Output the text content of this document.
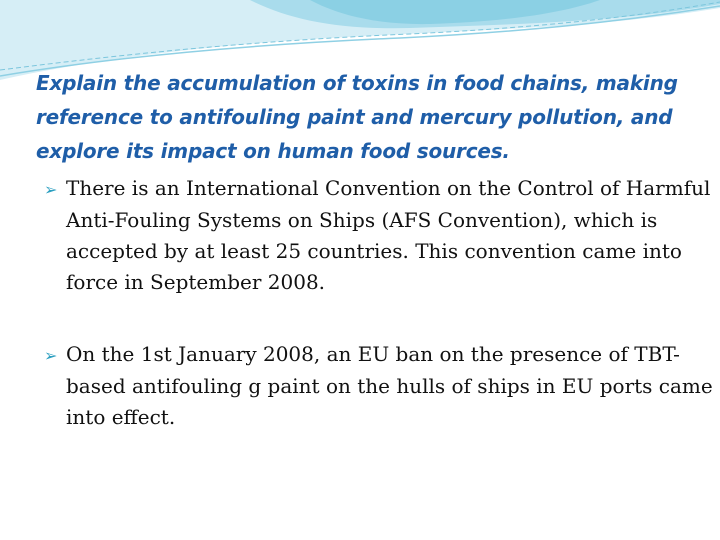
Explain the accumulation of toxins in food chains, making reference to antifouling paint and mercury pollution, and explore its impact on human food sources.
➢ There is an International Convention on the Control of Harmful Anti-Fouling Systems on Ships (AFS Convention), which is accepted by at least 25 countries. This convention came into force in September 2008.
➢ On the 1st January 2008, an EU ban on the presence of TBT-based antifouling g paint on the hulls of ships in EU ports came into effect.
